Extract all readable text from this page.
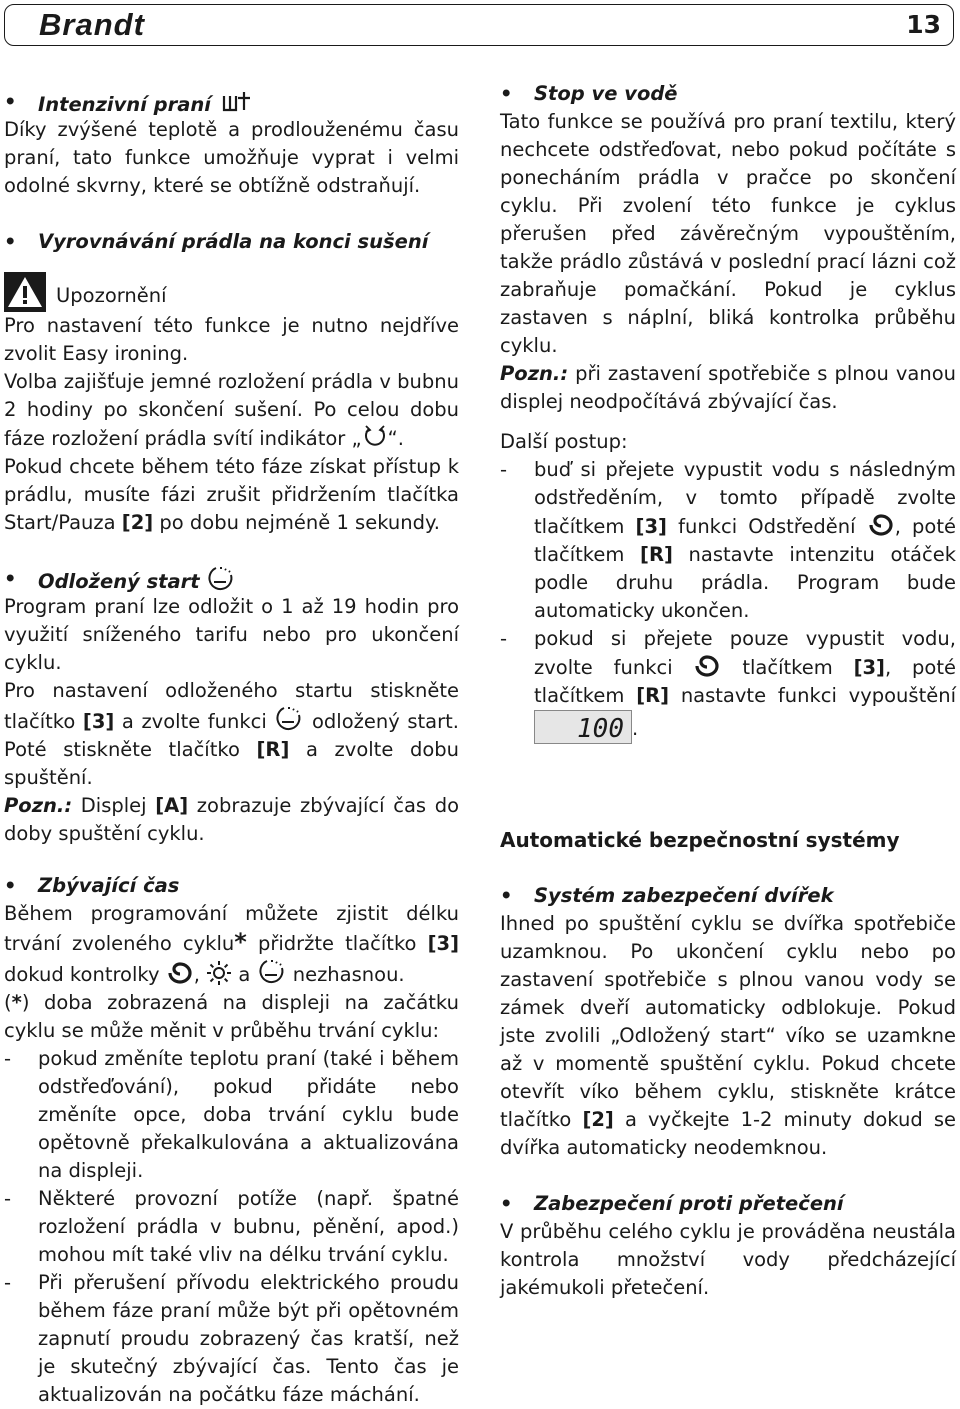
Brandt	13
• Intenzivní praní

Díky zvýšené teplotě a prodlouženému času praní, tato funkce umožňuje vyprat i velmi odolné skvrny, které se obtížně odstraňují.

• Vyrovnávání prádla na konci sušení
Upozornění

Pro nastavení této funkce je nutno nejdříve zvolit Easy ironing.

Volba zajišťuje jemné rozložení prádla v bubnu 2 hodiny po skončení sušení. Po celou dobu fáze rozložení prádla svítí indikátor „ “.

Pokud chcete během této fáze získat přístup k prádlu, musíte fázi zrušit přidržením tlačítka Start/Pauza [2] po dobu nejméně 1 sekundy.

• Odložený start

Program praní lze odložit o 1 až 19 hodin pro využití sníženého tarifu nebo pro ukončení cyklu.

Pro nastavení odloženého startu stiskněte tlačítko [3] a zvolte funkci  odložený start. Poté stiskněte tlačítko [R] a zvolte dobu spuštění.

Pozn.: Displej [A] zobrazuje zbývající čas do doby spuštění cyklu.

• Zbývající čas

Během programování můžete zjistit délku trvání zvoleného cyklu* přidržte tlačítko [3] dokud kontrolky ,  a  nezhasnou.

(*) doba zobrazená na displeji na začátku cyklu se může měnit v průběhu trvání cyklu:

- pokud změníte teplotu praní (také i během odstřeďování), pokud přidáte nebo změníte opce, doba trvání cyklu bude opětovně překalkulována a aktualizována na displeji.

- Některé provozní potíže (např. špatné rozložení prádla v bubnu, pěnění, apod.) mohou mít také vliv na délku trvání cyklu.

- Při přerušení přívodu elektrického proudu během fáze praní může být při opětovném zapnutí proudu zobrazený čas kratší, než je skutečný zbývající čas. Tento čas je aktualizován na počátku fáze máchání.

• Stop ve vodě

Tato funkce se používá pro praní textilu, který nechcete odstřeďovat, nebo pokud počítáte s ponecháním prádla v pračce po skončení cyklu. Při zvolení této funkce je cyklus přerušen před závěrečným vypouštěním, takže prádlo zůstává v poslední prací lázni což zabraňuje pomačkání. Pokud je cyklus zastaven s náplní, bliká kontrolka průběhu cyklu.

Pozn.: při zastavení spotřebiče s plnou vanou displej neodpočítává zbývající čas.

Další postup:

- buď si přejete vypustit vodu s následným odstředěním, v tomto případě zvolte tlačítkem [3] funkci Odstředění , poté tlačítkem [R] nastavte intenzitu otáček podle druhu prádla. Program bude automaticky ukončen.

- pokud si přejete pouze vypustit vodu, zvolte funkci  tlačítkem [3], poté tlačítkem [R] nastavte funkci vypouštění
100 .

Automatické bezpečnostní systémy

• Systém zabezpečení dvířek

Ihned po spuštění cyklu se dvířka spotřebiče uzamknou. Po ukončení cyklu nebo po zastavení spotřebiče s plnou vanou vody se zámek dveří automaticky odblokuje. Pokud jste zvolili „Odložený start“ víko se uzamkne až v momentě spuštění cyklu. Pokud chcete otevřít víko během cyklu, stiskněte krátce tlačítko [2] a vyčkejte 1-2 minuty dokud se dvířka automaticky neodemknou.

• Zabezpečení proti přetečení

V průběhu celého cyklu je prováděna neustála kontrola množství vody předcházející jakémukoli přetečení.
